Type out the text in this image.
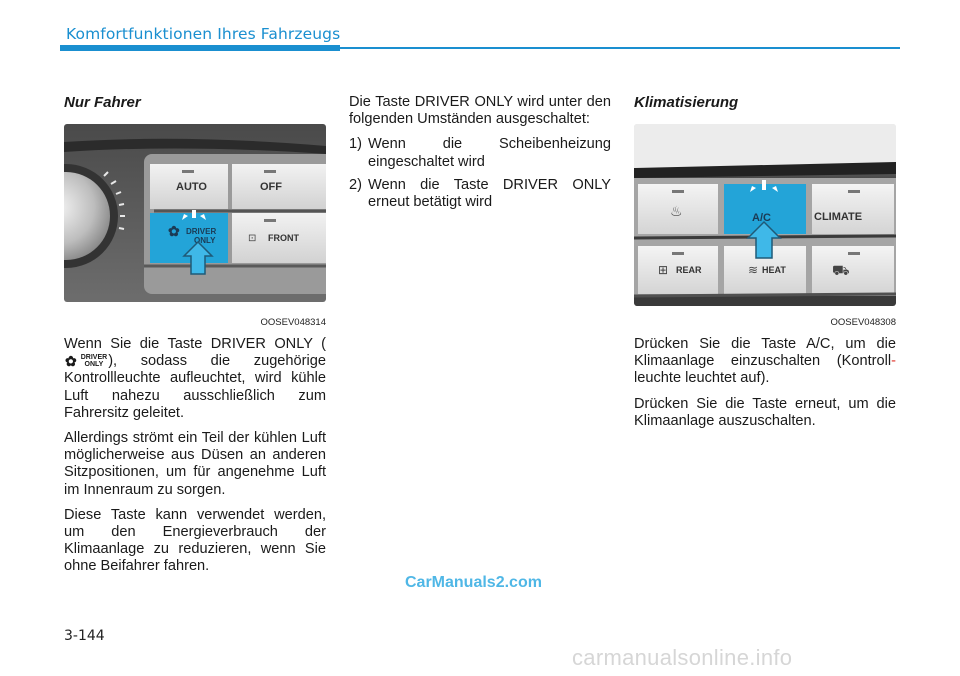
Komfortfunktionen Ihres Fahrzeugs
Nur Fahrer
AUTO	OFF
✿ DRIVER
ONLY	⊡ FRONT
OOSEV048314

Wenn Sie die Taste DRIVER ONLY (
✿ DRIVER
ONLY ), sodass die zugehörige Kontrollleuchte aufleuchtet, wird kühle Luft nahezu ausschließlich zum Fahrersitz geleitet.

Allerdings strömt ein Teil der kühlen Luft möglicherweise aus Düsen an anderen Sitzpositionen, um für angenehme Luft im Innenraum zu sorgen.

Diese Taste kann verwendet werden, um den Energieverbrauch der Klimaanlage zu reduzieren, wenn Sie ohne Beifahrer fahren.

Die Taste DRIVER ONLY wird unter den folgenden Umständen ausgeschaltet:

1) Wenn die Scheibenheizung eingeschaltet wird
2) Wenn die Taste DRIVER ONLY erneut betätigt wird
Klimatisierung
♨	A/C	CLIMATE
⊞ REAR	≋ HEAT	⛟
OOSEV048308

Drücken Sie die Taste A/C, um die Klimaanlage einzuschalten (Kontroll- leuchte leuchtet auf).

Drücken Sie die Taste erneut, um die Klimaanlage auszuschalten.

CarManuals2.com
3-144
carmanualsonline.info
